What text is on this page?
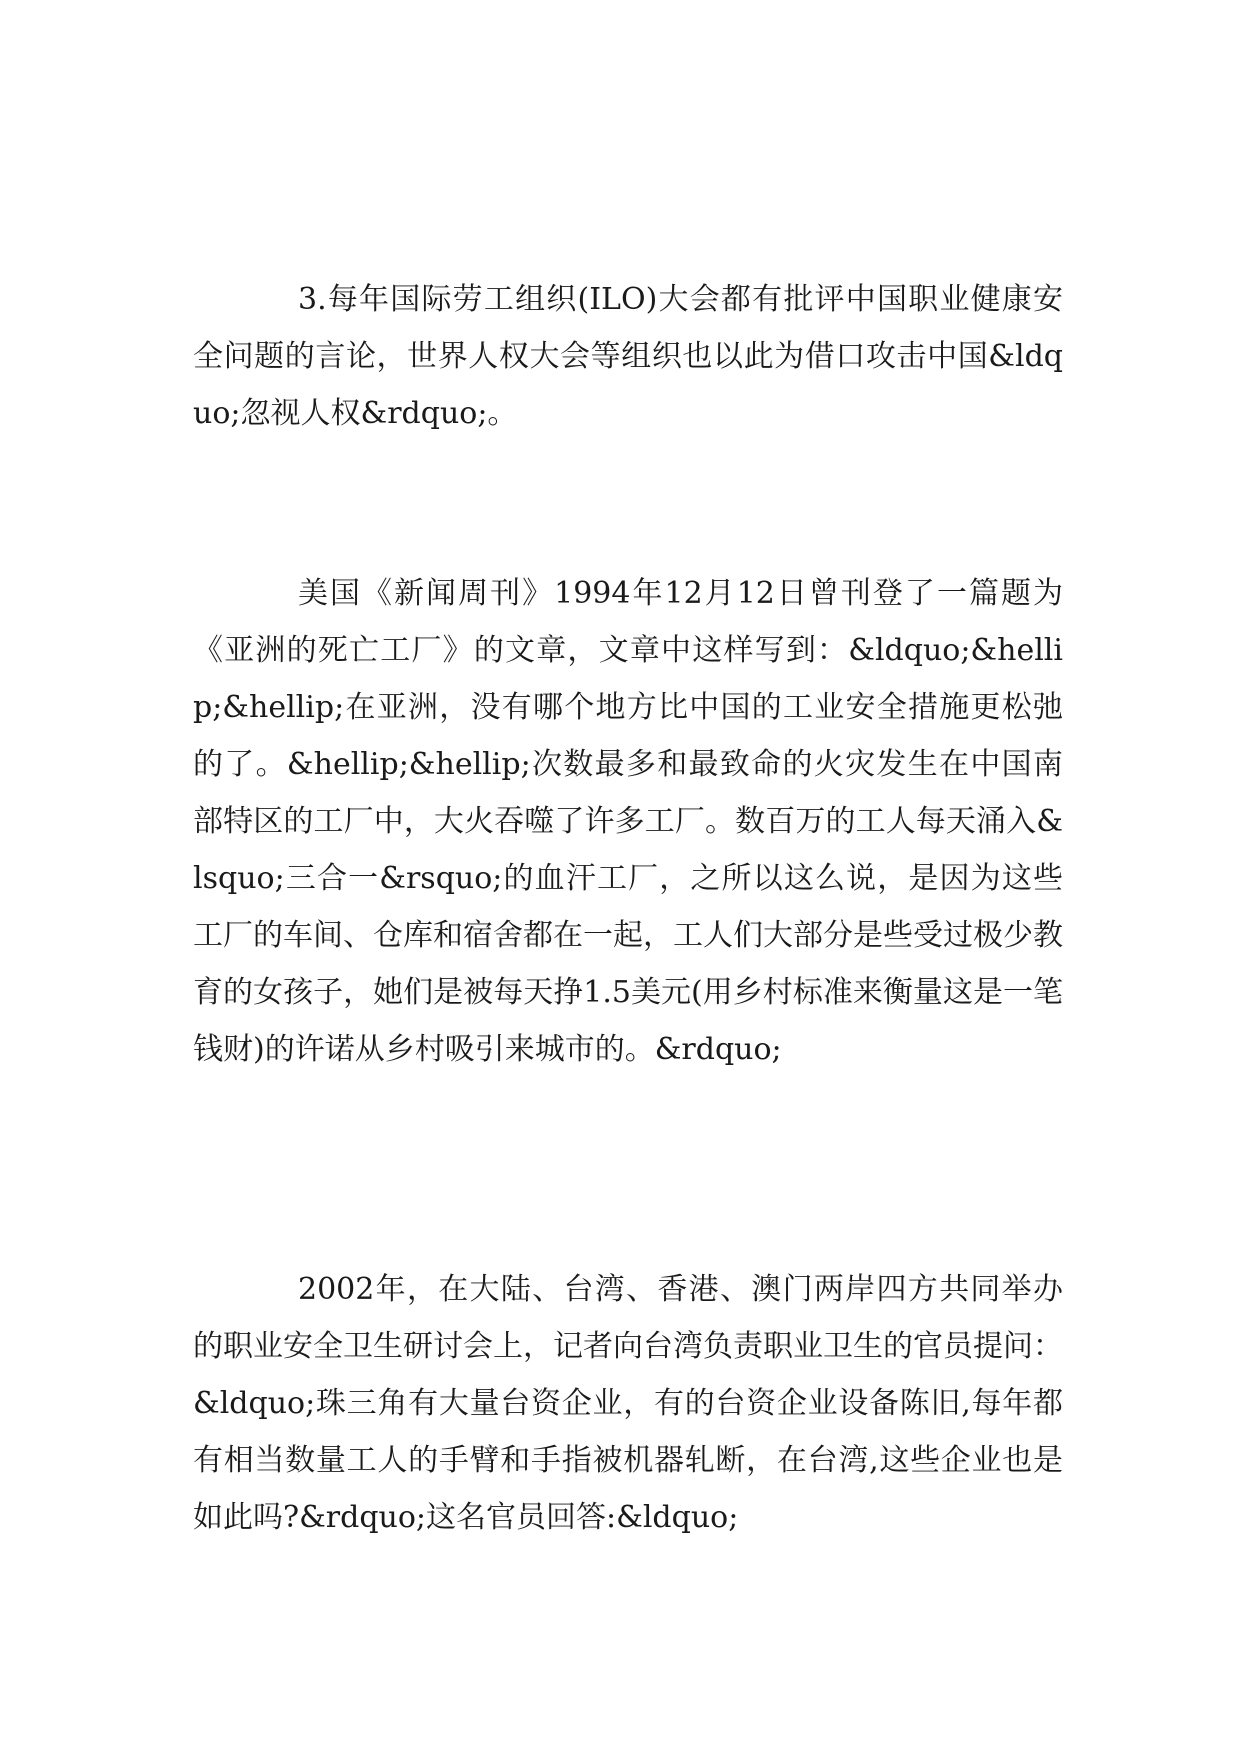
3.每年国际劳工组织(ILO)大会都有批评中国职业健康安全问题的言论，世界人权大会等组织也以此为借口攻击中国&ldquo;忽视人权&rdquo;。

美国《新闻周刊》1994年12月12日曾刊登了一篇题为《亚洲的死亡工厂》的文章，文章中这样写到：&ldquo;&hellip;&hellip;在亚洲，没有哪个地方比中国的工业安全措施更松弛的了。&hellip;&hellip;次数最多和最致命的火灾发生在中国南部特区的工厂中，大火吞噬了许多工厂。数百万的工人每天涌入&lsquo;三合一&rsquo;的血汗工厂，之所以这么说，是因为这些工厂的车间、仓库和宿舍都在一起，工人们大部分是些受过极少教育的女孩子，她们是被每天挣1.5美元(用乡村标准来衡量这是一笔钱财)的许诺从乡村吸引来城市的。&rdquo;

2002年，在大陆、台湾、香港、澳门两岸四方共同举办的职业安全卫生研讨会上，记者向台湾负责职业卫生的官员提问：&ldquo;珠三角有大量台资企业，有的台资企业设备陈旧,每年都有相当数量工人的手臂和手指被机器轧断，在台湾,这些企业也是如此吗?&rdquo;这名官员回答:&ldquo;
